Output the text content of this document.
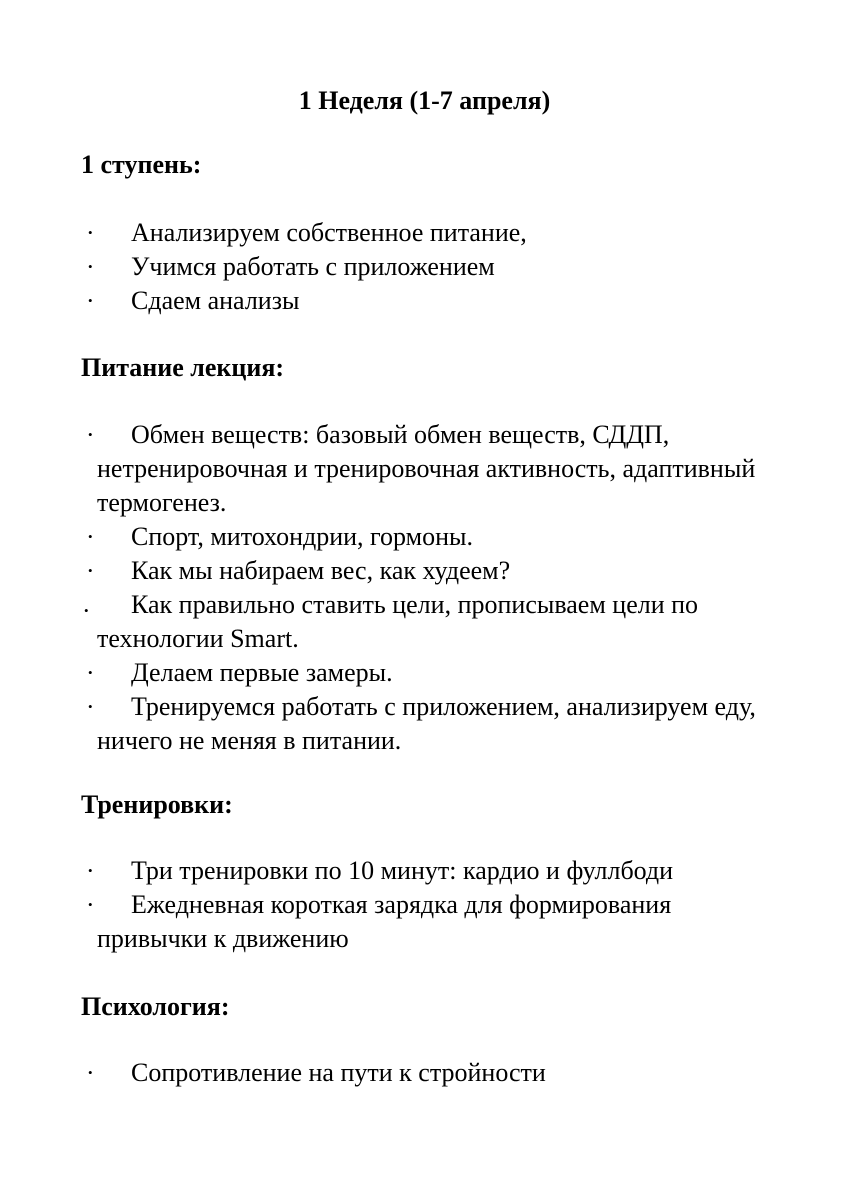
1 Неделя (1-7 апреля)
1 ступень:
• Анализируем собственное питание,
• Учимся работать с приложением
• Сдаем анализы
Питание лекция:
• Обмен веществ: базовый обмен веществ, СДДП, нетренировочная и тренировочная активность, адаптивный термогенез.
• Спорт, митохондрии, гормоны.
• Как мы набираем вес, как худеем?
• Как правильно ставить цели, прописываем цели по технологии Smart.
• Делаем первые замеры.
• Тренируемся работать с приложением, анализируем еду, ничего не меняя в питании.
Тренировки:
• Три тренировки по 10 минут: кардио и фуллбоди
• Ежедневная короткая зарядка для формирования привычки к движению
Психология:
• Сопротивление на пути к стройности
